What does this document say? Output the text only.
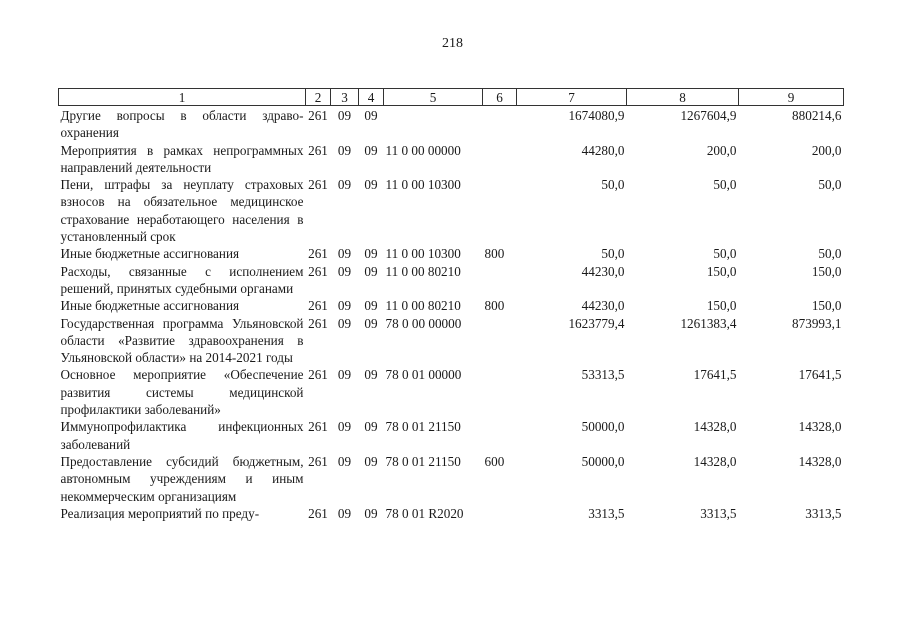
218
1	2	3	4	5	6	7	8	9
Другие вопросы в области здравоохранения	261	09	09			1674080,9	1267604,9	880214,6
Мероприятия в рамках непрограммных направлений деятельности	261	09	09	11 0 00 00000		44280,0	200,0	200,0
Пени, штрафы за неуплату страховых взносов на обязательное медицинское страхование неработающего населения в установленный срок	261	09	09	11 0 00 10300		50,0	50,0	50,0
Иные бюджетные ассигнования	261	09	09	11 0 00 10300	800	50,0	50,0	50,0
Расходы, связанные с исполнением решений, принятых судебными органами	261	09	09	11 0 00 80210		44230,0	150,0	150,0
Иные бюджетные ассигнования	261	09	09	11 0 00 80210	800	44230,0	150,0	150,0
Государственная программа Ульяновской области «Развитие здравоохранения в Ульяновской области» на 2014-2021 годы	261	09	09	78 0 00 00000		1623779,4	1261383,4	873993,1
Основное мероприятие «Обеспечение развития системы медицинской профилактики заболеваний»	261	09	09	78 0 01 00000		53313,5	17641,5	17641,5
Иммунопрофилактика инфекционных заболеваний	261	09	09	78 0 01 21150		50000,0	14328,0	14328,0
Предоставление субсидий бюджетным, автономным учреждениям и иным некоммерческим организациям	261	09	09	78 0 01 21150	600	50000,0	14328,0	14328,0
Реализация мероприятий по преду-	261	09	09	78 0 01 R2020		3313,5	3313,5	3313,5
